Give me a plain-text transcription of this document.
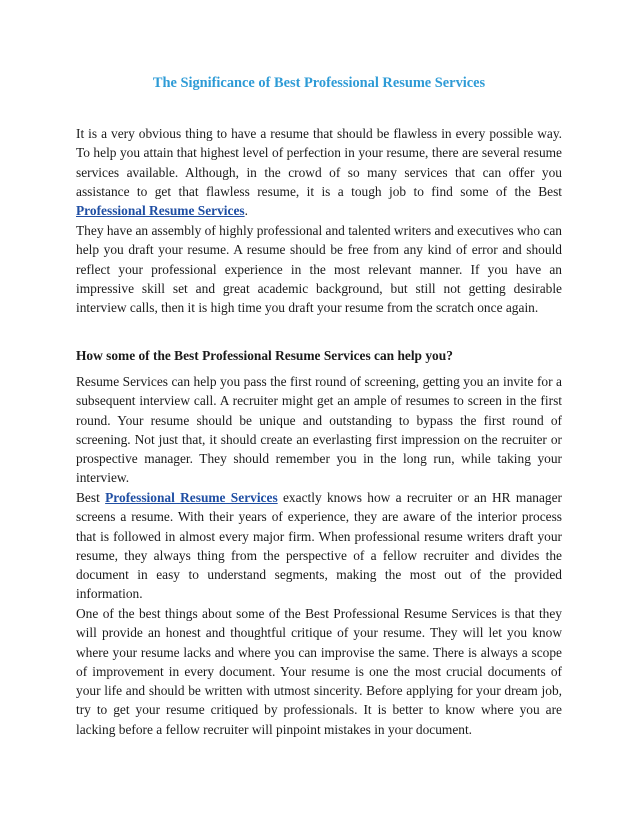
The Significance of Best Professional Resume Services
It is a very obvious thing to have a resume that should be flawless in every possible way. To help you attain that highest level of perfection in your resume, there are several resume services available. Although, in the crowd of so many services that can offer you assistance to get that flawless resume, it is a tough job to find some of the Best Professional Resume Services.
They have an assembly of highly professional and talented writers and executives who can help you draft your resume. A resume should be free from any kind of error and should reflect your professional experience in the most relevant manner. If you have an impressive skill set and great academic background, but still not getting desirable interview calls, then it is high time you draft your resume from the scratch once again.
How some of the Best Professional Resume Services can help you?
Resume Services can help you pass the first round of screening, getting you an invite for a subsequent interview call. A recruiter might get an ample of resumes to screen in the first round. Your resume should be unique and outstanding to bypass the first round of screening. Not just that, it should create an everlasting first impression on the recruiter or prospective manager. They should remember you in the long run, while taking your interview.
Best Professional Resume Services exactly knows how a recruiter or an HR manager screens a resume. With their years of experience, they are aware of the interior process that is followed in almost every major firm. When professional resume writers draft your resume, they always thing from the perspective of a fellow recruiter and divides the document in easy to understand segments, making the most out of the provided information.
One of the best things about some of the Best Professional Resume Services is that they will provide an honest and thoughtful critique of your resume. They will let you know where your resume lacks and where you can improvise the same. There is always a scope of improvement in every document. Your resume is one the most crucial documents of your life and should be written with utmost sincerity. Before applying for your dream job, try to get your resume critiqued by professionals. It is better to know where you are lacking before a fellow recruiter will pinpoint mistakes in your document.
